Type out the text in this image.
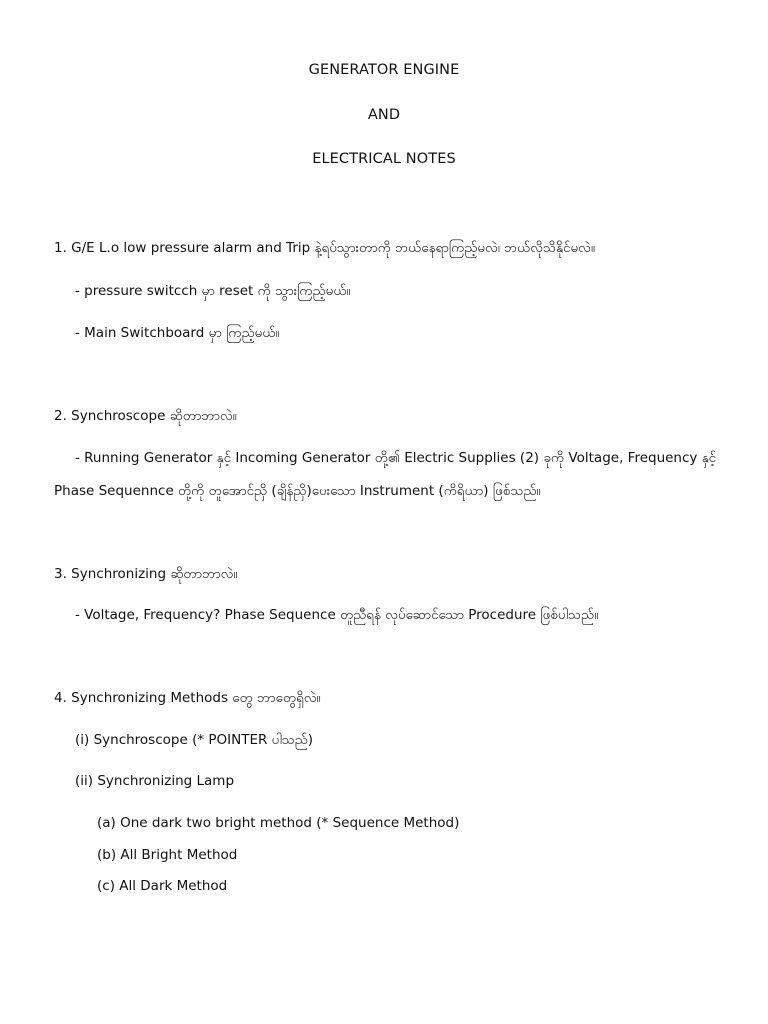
GENERATOR ENGINE
AND
ELECTRICAL NOTES
1. G/E L.o low pressure alarm and Trip နဲ့ရပ်သွားတာကို ဘယ်နေရာကြည့်မလဲ၊ ဘယ်လိုသိနိုင်မလဲ။
- pressure switcch မှာ reset ကို သွားကြည့်မယ်။
- Main Switchboard မှာ ကြည့်မယ်။
2. Synchroscope ဆိုတာဘာလဲ။
- Running Generator နှင့် Incoming Generator တို့၏ Electric Supplies (2) ခုကို Voltage, Frequency နှင့်
Phase Sequennce တို့ကို တူအောင်ညှိ (ချိန်ညှိ)ပေးသော Instrument (ကိရိယာ) ဖြစ်သည်။
3. Synchronizing ဆိုတာဘာလဲ။
- Voltage, Frequency? Phase Sequence တူညီရန် လုပ်ဆောင်သော Procedure ဖြစ်ပါသည်။
4. Synchronizing Methods တွေ ဘာတွေရှိလဲ။
(i) Synchroscope (* POINTER ပါသည်)
(ii) Synchronizing Lamp
(a) One dark two bright method (* Sequence Method)
(b) All Bright Method
(c) All Dark Method
